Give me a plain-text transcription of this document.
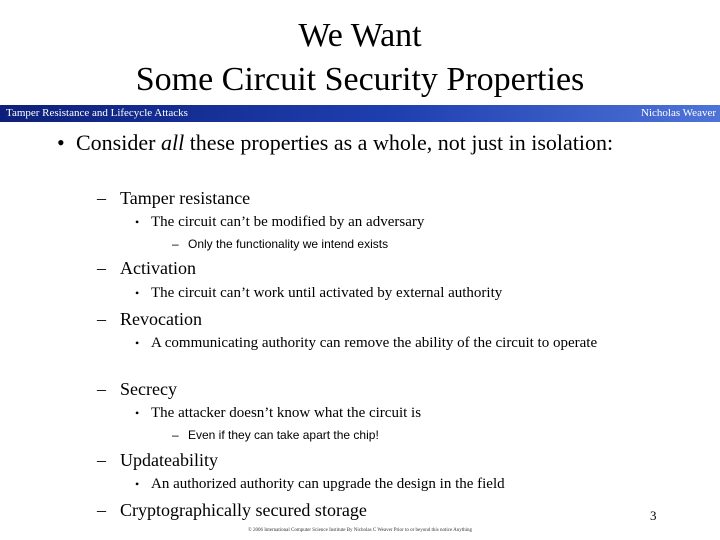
We Want
Some Circuit Security Properties
Tamper Resistance and Lifecycle Attacks	Nicholas Weaver
• Consider all these properties as a whole, not just in isolation:
– Tamper resistance
• The circuit can’t be modified by an adversary
– Only the functionality we intend exists
– Activation
• The circuit can’t work until activated by external authority
– Revocation
• A communicating authority can remove the ability of the circuit to operate
– Secrecy
• The attacker doesn’t know what the circuit is
– Even if they can take apart the chip!
– Updateability
• An authorized authority can upgrade the design in the field
– Cryptographically secured storage	3
© 2006 International Computer Science Institute By Nicholas C Weaver Prior to or beyond this notice Anything
